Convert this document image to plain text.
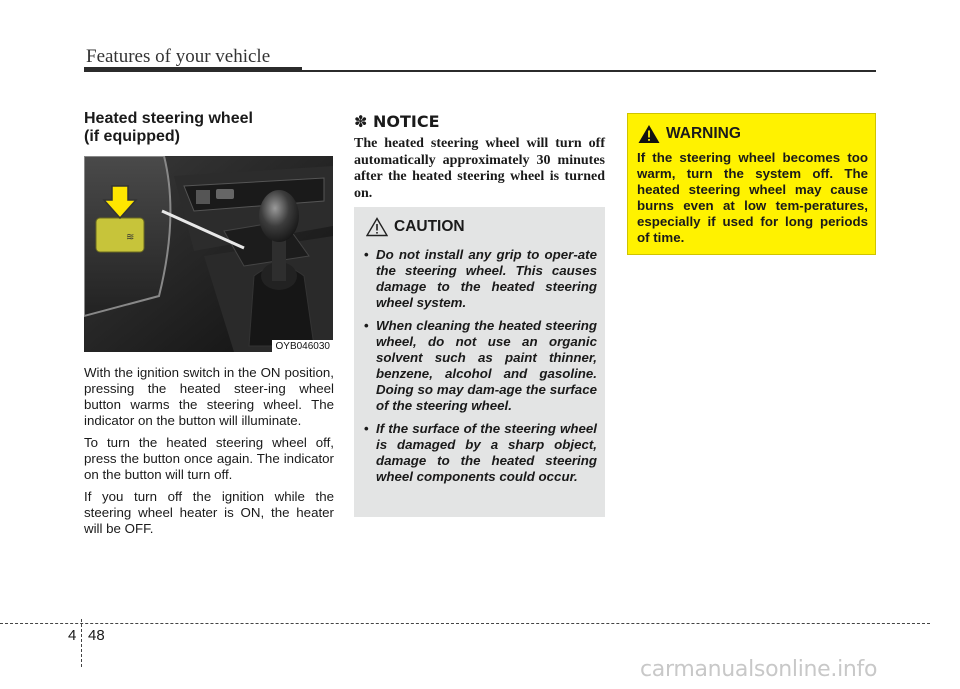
Features of your vehicle
Heated steering wheel
(if equipped)
≋
OYB046030

With the ignition switch in the ON position, pressing the heated steer-ing wheel button warms the steering wheel. The indicator on the button will illuminate.

To turn the heated steering wheel off, press the button once again. The indicator on the button will turn off.

If you turn off the ignition while the steering wheel heater is ON, the heater will be OFF.

✽ NOTICE
The heated steering wheel will turn off automatically approximately 30 minutes after the heated steering wheel is turned on.
CAUTION
• Do not install any grip to oper-ate the steering wheel. This causes damage to the heated steering wheel system.
• When cleaning the heated steering wheel, do not use an organic solvent such as paint thinner, benzene, alcohol and gasoline. Doing so may dam-age the surface of the steering wheel.
• If the surface of the steering wheel is damaged by a sharp object, damage to the heated steering wheel components could occur.
WARNING
If the steering wheel becomes too warm, turn the system off. The heated steering wheel may cause burns even at low tem-peratures, especially if used for long periods of time.
4 48
carmanualsonline.info
